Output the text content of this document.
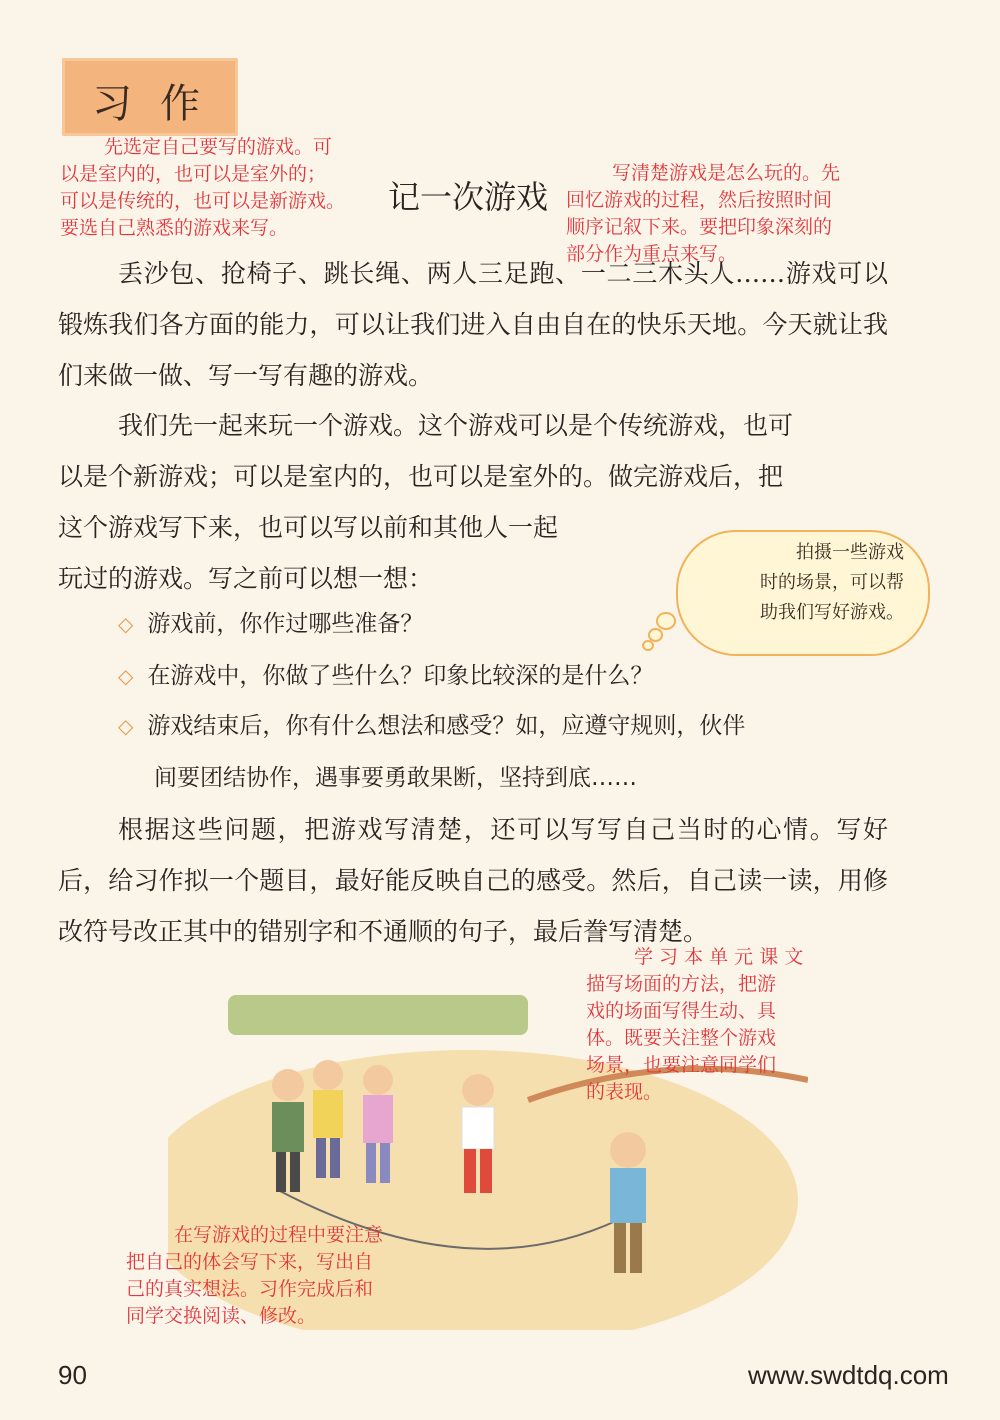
习作
先选定自己要写的游戏。可
以是室内的，也可以是室外的；
可以是传统的，也可以是新游戏。
要选自己熟悉的游戏来写。
记一次游戏
写清楚游戏是怎么玩的。先
回忆游戏的过程，然后按照时间
顺序记叙下来。要把印象深刻的
部分作为重点来写。
丢沙包、抢椅子、跳长绳、两人三足跑、一二三木头人……游戏可以锻炼我们各方面的能力，可以让我们进入自由自在的快乐天地。今天就让我们来做一做、写一写有趣的游戏。
我们先一起来玩一个游戏。这个游戏可以是个传统游戏，也可
以是个新游戏；可以是室内的，也可以是室外的。做完游戏后，把
这个游戏写下来，也可以写以前和其他人一起
玩过的游戏。写之前可以想一想：
拍摄一些游戏
时的场景，可以帮
助我们写好游戏。
◇ 游戏前，你作过哪些准备？
◇ 在游戏中，你做了些什么？印象比较深的是什么？
◇ 游戏结束后，你有什么想法和感受？如，应遵守规则，伙伴
间要团结协作，遇事要勇敢果断，坚持到底……
根据这些问题，把游戏写清楚，还可以写写自己当时的心情。写好后，给习作拟一个题目，最好能反映自己的感受。然后，自己读一读，用修改符号改正其中的错别字和不通顺的句子，最后誊写清楚。
学 习 本 单 元 课 文
描写场面的方法，把游
戏的场面写得生动、具
体。既要关注整个游戏
场景，也要注意同学们
的表现。
在写游戏的过程中要注意
把自己的体会写下来，写出自
己的真实想法。习作完成后和
同学交换阅读、修改。
90	www.swdtdq.com
